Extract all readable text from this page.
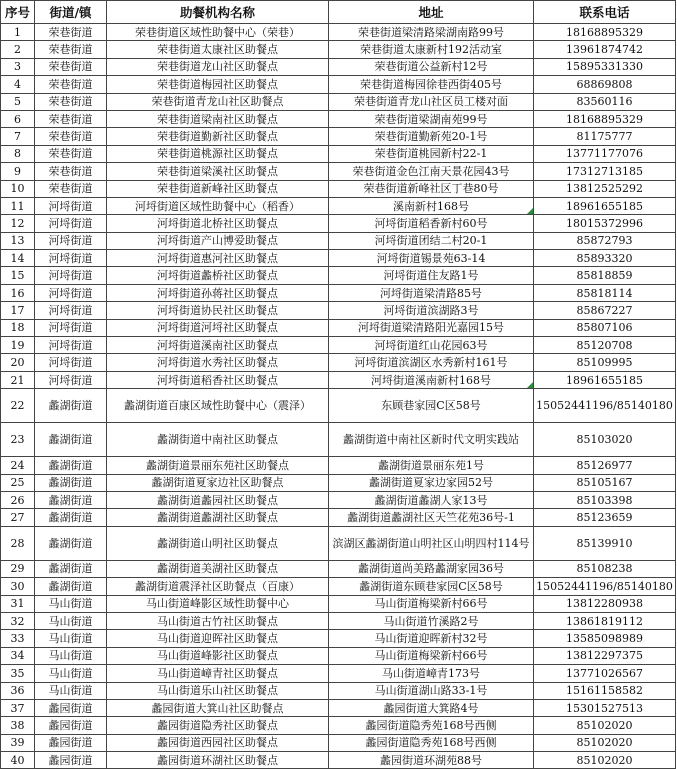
序号	街道/镇	助餐机构名称	地址	联系电话
1	荣巷街道	荣巷街道区域性助餐中心（荣巷）	荣巷街道梁清路梁湖南路99号	18168895329
2	荣巷街道	荣巷街道太康社区助餐点	荣巷街道太康新村192活动室	13961874742
3	荣巷街道	荣巷街道龙山社区助餐点	荣巷街道公益新村12号	15895331330
4	荣巷街道	荣巷街道梅园社区助餐点	荣巷街道梅园徐巷西街405号	68869808
5	荣巷街道	荣巷街道青龙山社区助餐点	荣巷街道青龙山社区员工楼对面	83560116
6	荣巷街道	荣巷街道梁南社区助餐点	荣巷街道梁湖南苑99号	18168895329
7	荣巷街道	荣巷街道勤新社区助餐点	荣巷街道勤新苑20-1号	81175777
8	荣巷街道	荣巷街道桃源社区助餐点	荣巷街道桃园新村22-1	13771177076
9	荣巷街道	荣巷街道梁溪社区助餐点	荣巷街道金色江南天景花园43号	17312713185
10	荣巷街道	荣巷街道新峰社区助餐点	荣巷街道新峰社区丁巷80号	13812525292
11	河埒街道	河埒街道区域性助餐中心（稻香）	溪南新村168号	18961655185
12	河埒街道	河埒街道北桥社区助餐点	河埒街道稻香新村60号	18015372996
13	河埒街道	河埒街道产山博爱助餐点	河埒街道团结二村20-1	85872793
14	河埒街道	河埒街道惠河社区助餐点	河埒街道锡景苑63-14	85893320
15	河埒街道	河埒街道蠡桥社区助餐点	河埒街道住友路1号	85818859
16	河埒街道	河埒街道孙蒋社区助餐点	河埒街道梁清路85号	85818114
17	河埒街道	河埒街道协民社区助餐点	河埒街道滨湖路3号	85867227
18	河埒街道	河埒街道河埒社区助餐点	河埒街道梁清路阳光嘉园15号	85807106
19	河埒街道	河埒街道溪南社区助餐点	河埒街道红山花园63号	85120708
20	河埒街道	河埒街道水秀社区助餐点	河埒街道滨湖区水秀新村161号	85109995
21	河埒街道	河埒街道稻香社区助餐点	河埒街道溪南新村168号	18961655185
22	蠡湖街道	蠡湖街道百康区域性助餐中心（震泽）	东顾巷家园C区58号	15052441196/85140180
23	蠡湖街道	蠡湖街道中南社区助餐点	蠡湖街道中南社区新时代文明实践站	85103020
24	蠡湖街道	蠡湖街道景丽东苑社区助餐点	蠡湖街道景丽东苑1号	85126977
25	蠡湖街道	蠡湖街道夏家边社区助餐点	蠡湖街道夏家边家园52号	85105167
26	蠡湖街道	蠡湖街道蠡园社区助餐点	蠡湖街道蠡湖人家13号	85103398
27	蠡湖街道	蠡湖街道蠡湖社区助餐点	蠡湖街道蠡湖社区天竺花苑36号-1	85123659
28	蠡湖街道	蠡湖街道山明社区助餐点	滨湖区蠡湖街道山明社区山明四村114号	85139910
29	蠡湖街道	蠡湖街道美湖社区助餐点	蠡湖街道尚美路蠡湖家园36号	85108238
30	蠡湖街道	蠡湖街道震泽社区助餐点（百康）	蠡湖街道东顾巷家园C区58号	15052441196/85140180
31	马山街道	马山街道峰影区域性助餐中心	马山街道梅梁新村66号	13812280938
32	马山街道	马山街道古竹社区助餐点	马山街道竹溪路2号	13861819112
33	马山街道	马山街道迎晖社区助餐点	马山街道迎晖新村32号	13585098989
34	马山街道	马山街道峰影社区助餐点	马山街道梅梁新村66号	13812297375
35	马山街道	马山街道嶂青社区助餐点	马山街道嶂青173号	13771026567
36	马山街道	马山街道乐山社区助餐点	马山街道湖山路33-1号	15161158582
37	蠡园街道	蠡园街道大箕山社区助餐点	蠡园街道大箕路4号	15301527513
38	蠡园街道	蠡园街道隐秀社区助餐点	蠡园街道隐秀苑168号西侧	85102020
39	蠡园街道	蠡园街道西园社区助餐点	蠡园街道隐秀苑168号西侧	85102020
40	蠡园街道	蠡园街道环湖社区助餐点	蠡园街道环湖苑88号	85102020
